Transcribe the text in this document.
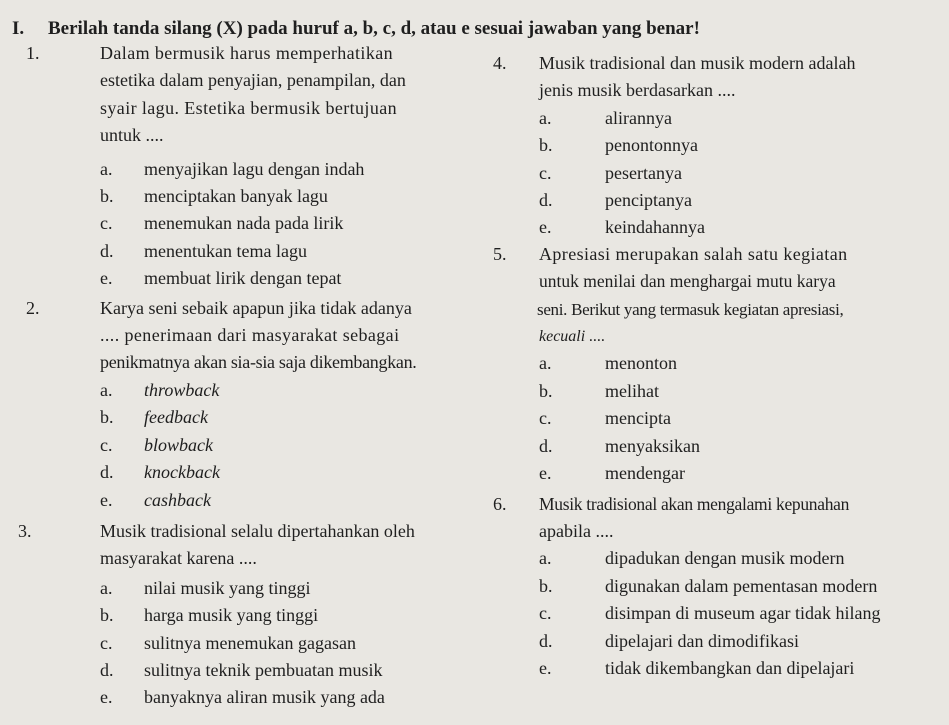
I. Berilah tanda silang (X) pada huruf a, b, c, d, atau e sesuai jawaban yang benar!
1.	Dalam bermusik harus memperhatikan
estetika dalam penyajian, penampilan, dan
syair lagu. Estetika bermusik bertujuan
untuk ....
a. menyajikan lagu dengan indah
b. menciptakan banyak lagu
c. menemukan nada pada lirik
d. menentukan tema lagu
e. membuat lirik dengan tepat
2.	Karya seni sebaik apapun jika tidak adanya
.... penerimaan dari masyarakat sebagai
penikmatnya akan sia-sia saja dikembangkan.
a. throwback
b. feedback
c. blowback
d. knockback
e. cashback
3.	Musik tradisional selalu dipertahankan oleh
masyarakat karena ....
a. nilai musik yang tinggi
b. harga musik yang tinggi
c. sulitnya menemukan gagasan
d. sulitnya teknik pembuatan musik
e. banyaknya aliran musik yang ada
4. Musik tradisional dan musik modern adalah
jenis musik berdasarkan ....
a.	alirannya
b.	penontonnya
c.	pesertanya
d.	penciptanya
e.	keindahannya
5. Apresiasi merupakan salah satu kegiatan
untuk menilai dan menghargai mutu karya
seni. Berikut yang termasuk kegiatan apresiasi,
kecuali ....
a.	menonton
b.	melihat
c.	mencipta
d.	menyaksikan
e.	mendengar
6. Musik tradisional akan mengalami kepunahan
apabila ....
a.	dipadukan dengan musik modern
b.	digunakan dalam pementasan modern
c.	disimpan di museum agar tidak hilang
d.	dipelajari dan dimodifikasi
e.	tidak dikembangkan dan dipelajari
